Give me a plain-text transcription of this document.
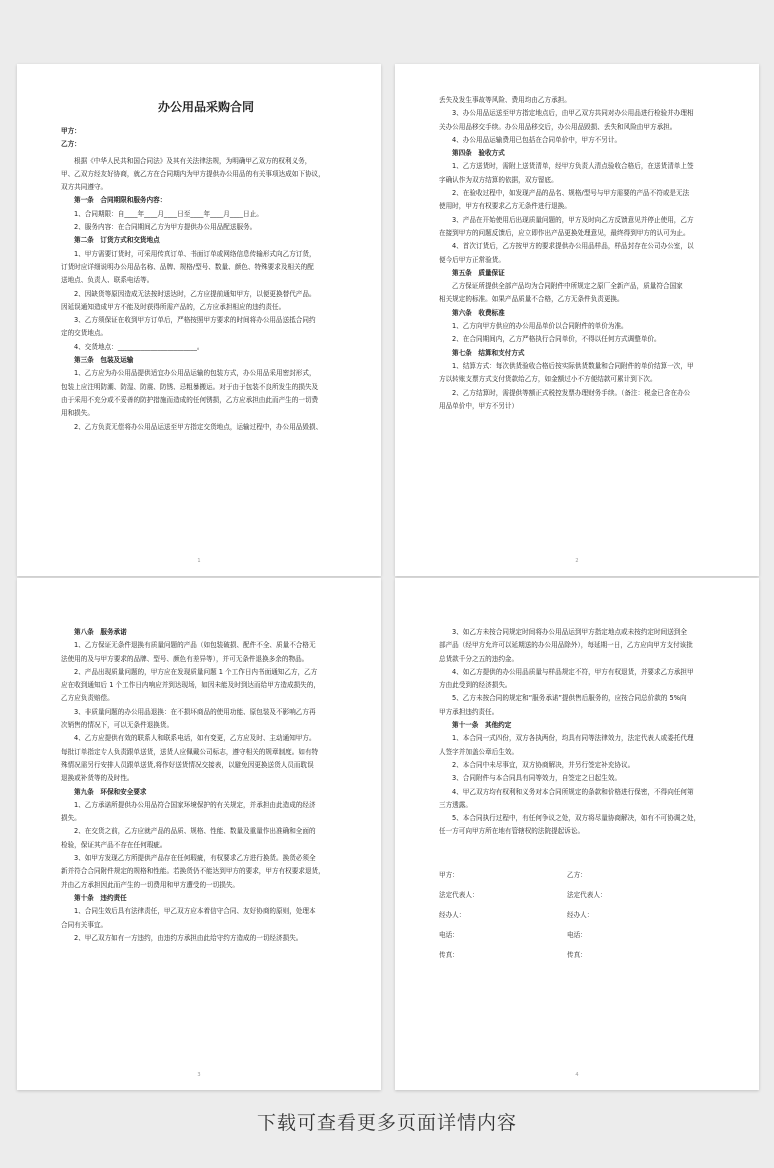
办公用品采购合同
甲方：
乙方：
根据《中华人民共和国合同法》及其有关法律法规，为明确甲乙双方的权利义务，
甲、乙双方经友好协商，就乙方在合同期内为甲方提供办公用品的有关事项达成如下协议，
双方共同遵守。
第一条　合同期限和服务内容：
1、合同期限：自____年____月____日至____年____月____日止。
2、服务内容：在合同期间乙方为甲方提供办公用品配送服务。
第二条　订货方式和交货地点
1、甲方需要订货时，可采用传真订单、书面订单或网络信息传输形式向乙方订货，
订货时应详细说明办公用品名称、品牌、规格/型号、数量、颜色、特殊要求及相关的配
送地点、负责人、联系电话等。
2、因缺货等原因造成无法按时送达时，乙方应提前通知甲方，以便更换替代产品。
因延误通知造成甲方不能及时获得所需产品的，乙方应承担相应的违约责任。
3、乙方须保证在收到甲方订单后，严格按照甲方要求的时间将办公用品送抵合同约
定的交货地点。
4、交货地点：________________________。
第三条　包装及运输
1、乙方应为办公用品提供适宜办公用品运输的包装方式，办公用品采用密封形式，
包装上应注明防潮、防湿、防震、防锈、忌粗暴搬运。对于由于包装不良所发生的损失及
由于采用不充分或不妥善的防护措施而造成的任何锈损，乙方应承担由此而产生的一切费
用和损失。
2、乙方负责无偿将办公用品运送至甲方指定交货地点，运输过程中，办公用品毁损、
1
丢失及发生事故等风险、费用均由乙方承担。
3、办公用品运送至甲方指定地点后，由甲乙双方共同对办公用品进行检验并办理相
关办公用品移交手续。办公用品移交后，办公用品毁损、丢失和风险由甲方承担。
4、办公用品运输费用已包括在合同单价中，甲方不另计。
第四条　验收方式
1、乙方送货时，需附上送货清单，经甲方负责人清点验收合格后，在送货清单上签
字确认作为双方结算的依据，双方留底。
2、在验收过程中，如发现产品的品名、规格/型号与甲方需要的产品不符或是无法
使用时，甲方有权要求乙方无条件进行退换。
3、产品在开始使用后出现质量问题的，甲方及时向乙方反馈意见并停止使用，乙方
在接到甲方的问题反馈后，应立即作出产品更换处理意见，最终得到甲方的认可为止。
4、首次订货后，乙方按甲方的要求提供办公用品样品，样品封存在公司办公室，以
便今后甲方正常验货。
第五条　质量保证
乙方保证所提供全部产品均为合同附件中所规定之原厂全新产品，质量符合国家
相关规定的标准。如果产品质量不合格，乙方无条件负责更换。
第六条　收费标准
1、乙方向甲方供应的办公用品单价以合同附件的单价为准。
2、在合同期间内，乙方严格执行合同单价，不得以任何方式调整单价。
第七条　结算和支付方式
1、结算方式：每次供货验收合格后按实际供货数量和合同附件的单价结算一次，甲
方以转账支票方式支付货款给乙方，如金额过小不方便结款可累计到下次。
2、乙方结算时，需提供等额正式税控发票办理财务手续。（备注：税金已含在办公
用品单价中，甲方不另计）
2
第八条　服务承诺
1、乙方保证无条件退换有质量问题的产品（如包装破损、配件不全、质量不合格无
法使用的及与甲方要求的品牌、型号、颜色有差异等），并可无条件退换多余的物品。
2、产品出现质量问题的，甲方应在发现质量问题 1 个工作日内书面通知乙方，乙方
应在收到通知后 1 个工作日内响应并到达现场，如因未能及时到达而给甲方造成损失的，
乙方应负责赔偿。
3、非质量问题的办公用品退换：在不损坏商品的使用功能、原包装及不影响乙方再
次销售的情况下，可以无条件退换货。
4、乙方应提供有效的联系人和联系电话，如有变更，乙方应及时、主动通知甲方。
每批订单指定专人负责跟单送货，送货人应佩戴公司标志，遵守相关的规章制度。如有特
殊情况需另行安排人员跟单送货,将作好送货情况交接表，以避免因更换送货人员而耽误
退换或补货等的及时性。
第九条　环保和安全要求
1、乙方承诺所提供办公用品符合国家环境保护的有关规定，并承担由此造成的经济
损失。
2、在交货之前，乙方应就产品的品质、规格、性能、数量及重量作出准确和全面的
检验，保证其产品不存在任何瑕疵。
3、如甲方发现乙方所提供产品存在任何瑕疵，有权要求乙方进行换货。换货必须全
新并符合合同附件规定的规格和性能。若换货仍不能达到甲方的要求，甲方有权要求退货，
并由乙方承担因此而产生的一切费用和甲方遭受的一切损失。
第十条　违约责任
1、合同生效后具有法律责任，甲乙双方应本着信守合同、友好协商的原则，处理本
合同有关事宜。
2、甲乙双方如有一方违约，由违约方承担由此给守约方造成的一切经济损失。
3
3、如乙方未按合同规定时间将办公用品运到甲方指定地点或未按约定时间送到全
部产品（经甲方允许可以延期送的办公用品除外），每延期一日，乙方应向甲方支付该批
总货款千分之五的违约金。
4、如乙方提供的办公用品质量与样品规定不符，甲方有权退货，并要求乙方承担甲
方由此受到的经济损失。
5、乙方未按合同的规定和“服务承诺”提供售后服务的，应按合同总价款的 5%向
甲方承担违约责任。
第十一条　其他约定
1、本合同一式四份，双方各执两份，均具有同等法律效力，法定代表人或委托代理
人签字并加盖公章后生效。
2、本合同中未尽事宜，双方协商解决，并另行签定补充协议。
3、合同附件与本合同具有同等效力，自签定之日起生效。
4、甲乙双方均有权利和义务对本合同所规定的条款和价格进行保密，不得向任何第
三方透露。
5、本合同执行过程中，有任何争议之处，双方将尽量协商解决，如有不可协调之处，
任一方可向甲方所在地有管辖权的法院提起诉讼。
甲方：
法定代表人：
经办人：
电话：
传真：
乙方：
法定代表人：
经办人：
电话：
传真：
4
下载可查看更多页面详情内容
